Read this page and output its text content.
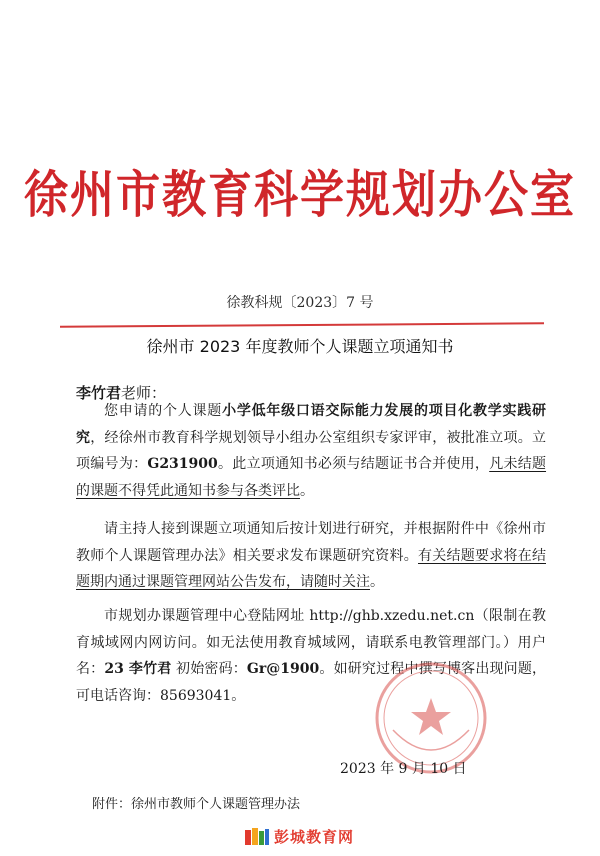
徐州市教育科学规划办公室
徐教科规〔2023〕7 号
徐州市 2023 年度教师个人课题立项通知书
李竹君老师：

您申请的个人课题小学低年级口语交际能力发展的项目化教学实践研究，经徐州市教育科学规划领导小组办公室组织专家评审，被批准立项。立项编号为：G231900。此立项通知书必须与结题证书合并使用，凡未结题的课题不得凭此通知书参与各类评比。

请主持人接到课题立项通知后按计划进行研究，并根据附件中《徐州市教师个人课题管理办法》相关要求发布课题研究资料。有关结题要求将在结题期内通过课题管理网站公告发布，请随时关注。

市规划办课题管理中心登陆网址 http://ghb.xzedu.net.cn（限制在教育城域网内网访问。如无法使用教育城域网，请联系电教管理部门。）用户名：23 李竹君 初始密码：Gr@1900。如研究过程中撰写博客出现问题，可电话咨询：85693041。

2023 年 9 月 10 日
附件：徐州市教师个人课题管理办法
彭城教育网
